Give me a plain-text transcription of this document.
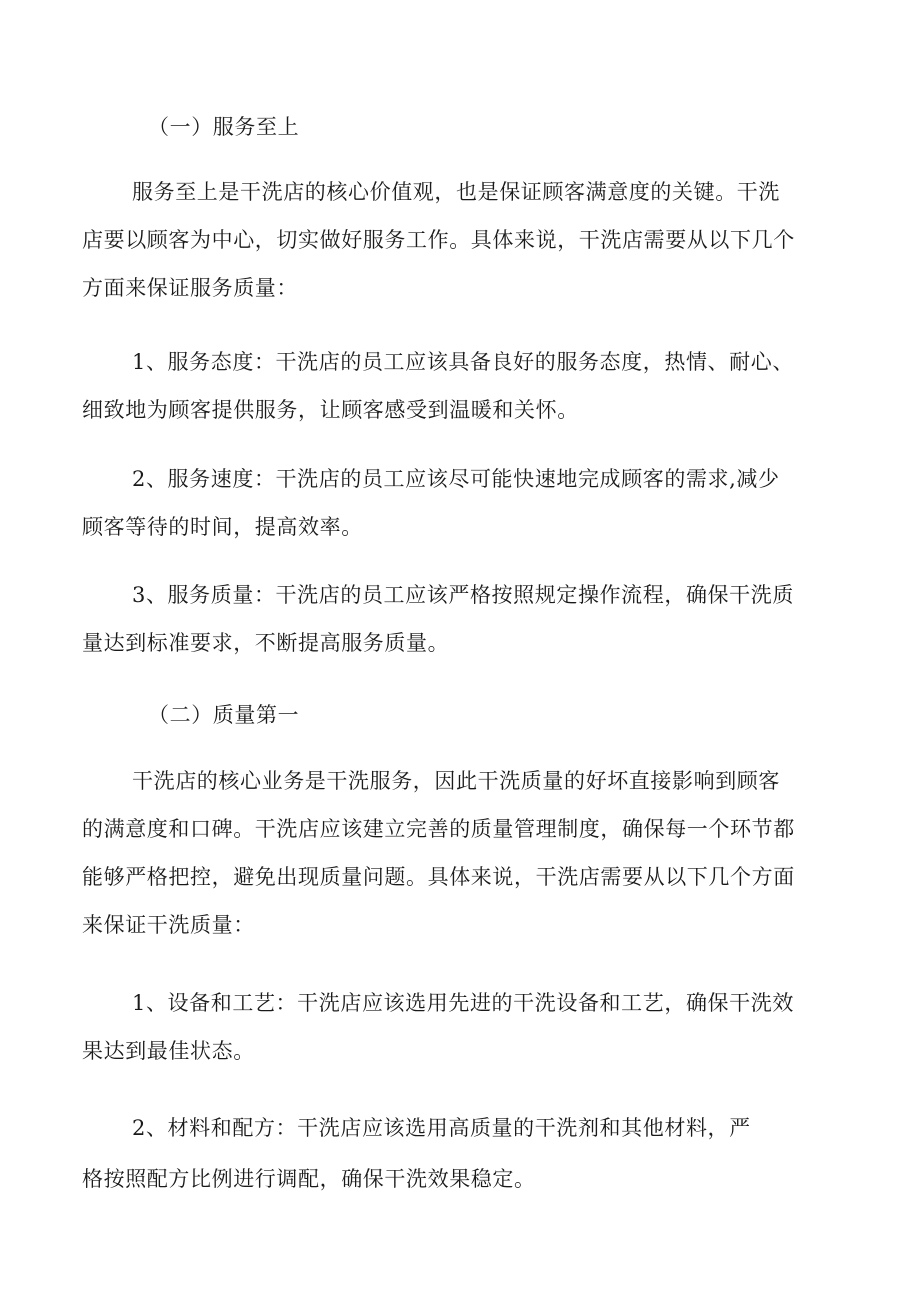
（一）服务至上
服务至上是干洗店的核心价值观，也是保证顾客满意度的关键。干洗
店要以顾客为中心，切实做好服务工作。具体来说，干洗店需要从以下几个
方面来保证服务质量：
1、服务态度：干洗店的员工应该具备良好的服务态度，热情、耐心、
细致地为顾客提供服务，让顾客感受到温暖和关怀。
2、服务速度：干洗店的员工应该尽可能快速地完成顾客的需求,减少
顾客等待的时间，提高效率。
3、服务质量：干洗店的员工应该严格按照规定操作流程，确保干洗质
量达到标准要求，不断提高服务质量。
（二）质量第一
干洗店的核心业务是干洗服务，因此干洗质量的好坏直接影响到顾客
的满意度和口碑。干洗店应该建立完善的质量管理制度，确保每一个环节都
能够严格把控，避免出现质量问题。具体来说，干洗店需要从以下几个方面
来保证干洗质量：
1、设备和工艺：干洗店应该选用先进的干洗设备和工艺，确保干洗效
果达到最佳状态。
2、材料和配方：干洗店应该选用高质量的干洗剂和其他材料，严
格按照配方比例进行调配，确保干洗效果稳定。
